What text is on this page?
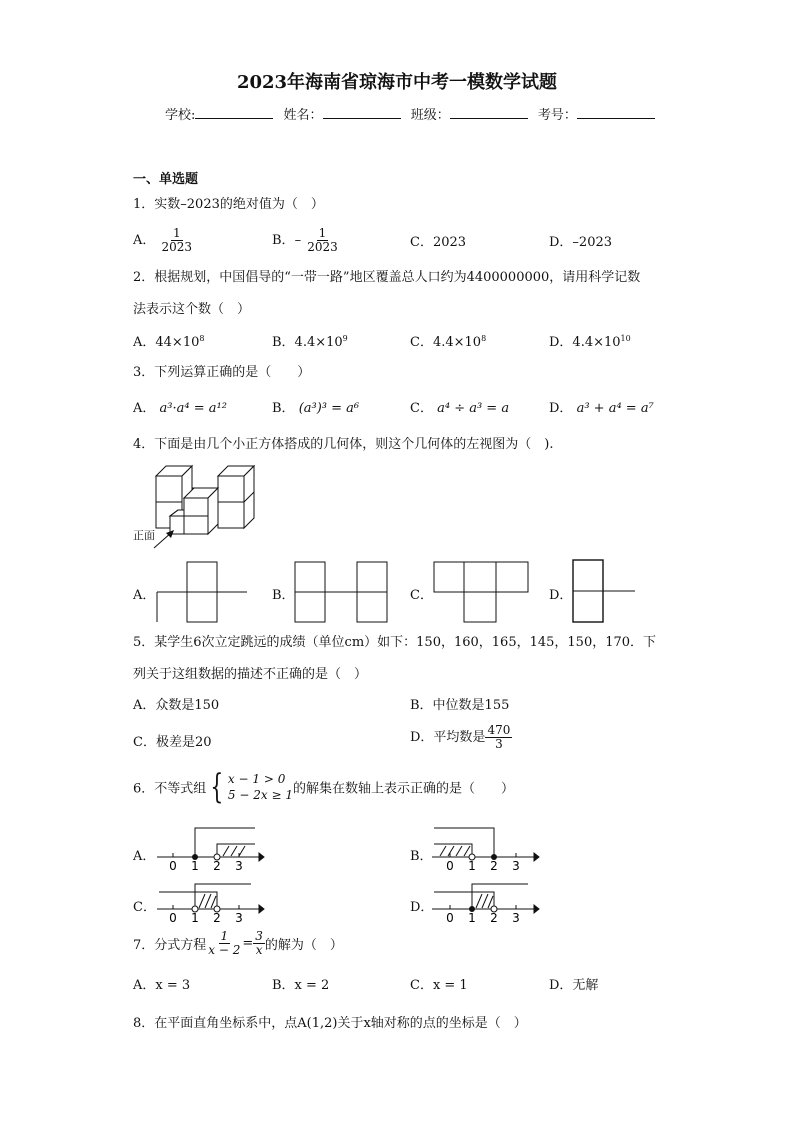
2023年海南省琼海市中考一模数学试题
学校:	姓名：	班级：	考号：
一、单选题
1．实数–2023的绝对值为（　）
A． $\frac{1}{2023}$	B．– $\frac{1}{2023}$	C．2023	D．–2023
2．根据规划，中国倡导的“一带一路”地区覆盖总人口约为4400000000，请用科学记数
法表示这个数（　）
A．$44\times 10^8$	B．$4.4\times 10^9$	C．$4.4\times 10^8$	D．$4.4\times 10^{10}$
3．下列运算正确的是（　　）
A． a³·a⁴ = a¹²	B． (a³)³ = a⁶	C． a⁴ ÷ a³ = a	D． a³ + a⁴ = a⁷
4．下面是由几个小正方体搭成的几何体，则这个几何体的左视图为（　).
正面
A．	B．	C．	D．
5．某学生6次立定跳远的成绩（单位cm）如下：150，160，165，145，150，170．下
列关于这组数据的描述不正确的是（　）
A．众数是150	B．中位数是155
C．极差是20	D．平均数是 $\frac{470}{3}$
6．不等式组 { x − 1 > 0
5 − 2x ≥ 1 的解集在数轴上表示正确的是（　　）
A．
0 1 2 3
B．
0 1 2 3
C．
0 1 2 3
D．
0 1 2 3
7．分式方程 $\frac{1}{x - 2} = \frac{3}{x}$ 的解为（　）
A．x = 3	B．x = 2	C．x = 1	D．无解
8．在平面直角坐标系中，点A(1,2)关于x轴对称的点的坐标是（　）
